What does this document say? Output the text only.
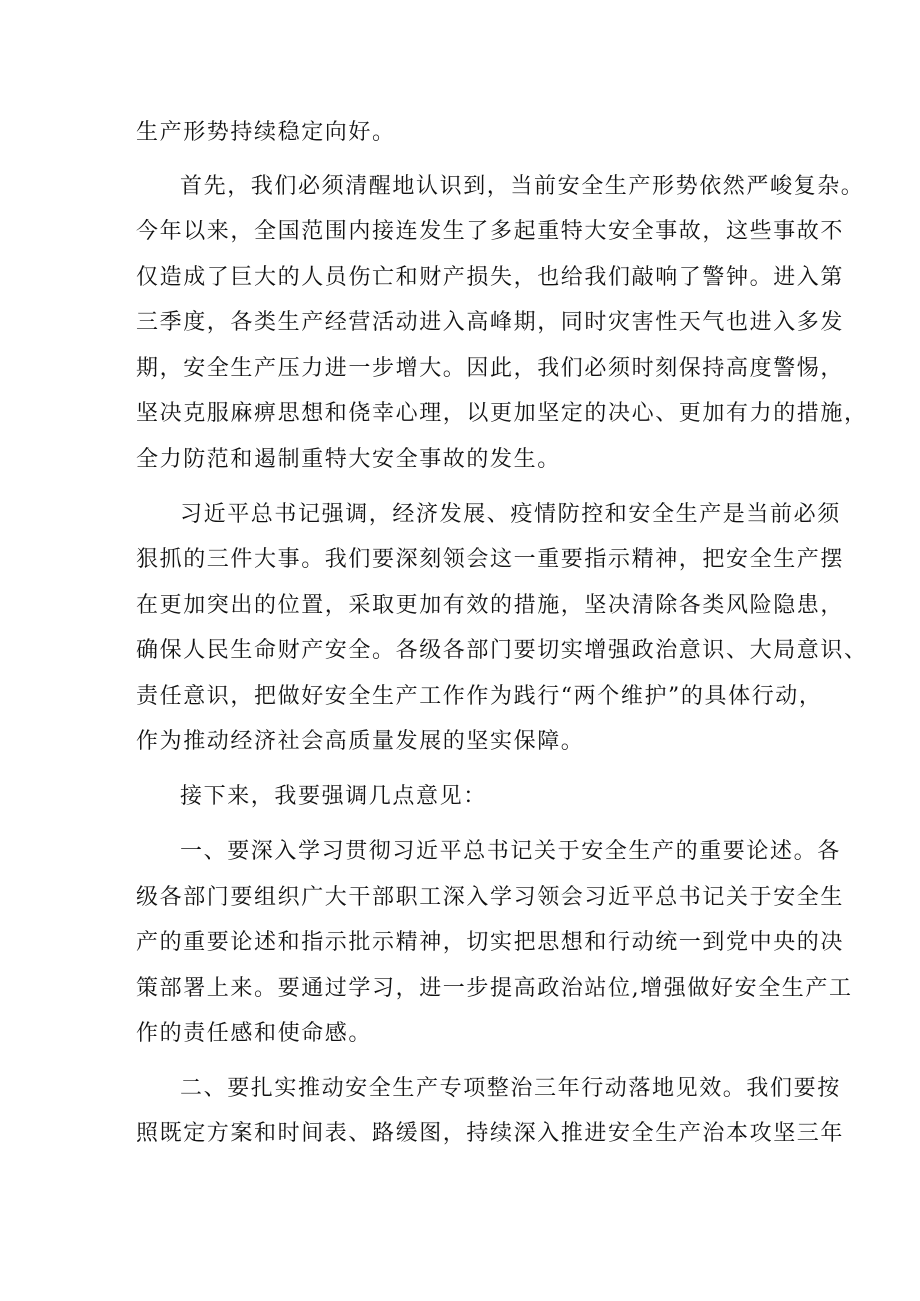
生产形势持续稳定向好。

首先，我们必须清醒地认识到，当前安全生产形势依然严峻复杂。

今年以来，全国范围内接连发生了多起重特大安全事故，这些事故不

仅造成了巨大的人员伤亡和财产损失，也给我们敲响了警钟。进入第

三季度，各类生产经营活动进入高峰期，同时灾害性天气也进入多发

期，安全生产压力进一步增大。因此，我们必须时刻保持高度警惕，

坚决克服麻痹思想和侥幸心理，以更加坚定的决心、更加有力的措施，

全力防范和遏制重特大安全事故的发生。

习近平总书记强调，经济发展、疫情防控和安全生产是当前必须

狠抓的三件大事。我们要深刻领会这一重要指示精神，把安全生产摆

在更加突出的位置，采取更加有效的措施，坚决清除各类风险隐患，

确保人民生命财产安全。各级各部门要切实增强政治意识、大局意识、

责任意识，把做好安全生产工作作为践行“两个维护”的具体行动，

作为推动经济社会高质量发展的坚实保障。

接下来，我要强调几点意见：

一、要深入学习贯彻习近平总书记关于安全生产的重要论述。各

级各部门要组织广大干部职工深入学习领会习近平总书记关于安全生

产的重要论述和指示批示精神，切实把思想和行动统一到党中央的决

策部署上来。要通过学习，进一步提高政治站位,增强做好安全生产工

作的责任感和使命感。

二、要扎实推动安全生产专项整治三年行动落地见效。我们要按

照既定方案和时间表、路缓图，持续深入推进安全生产治本攻坚三年
